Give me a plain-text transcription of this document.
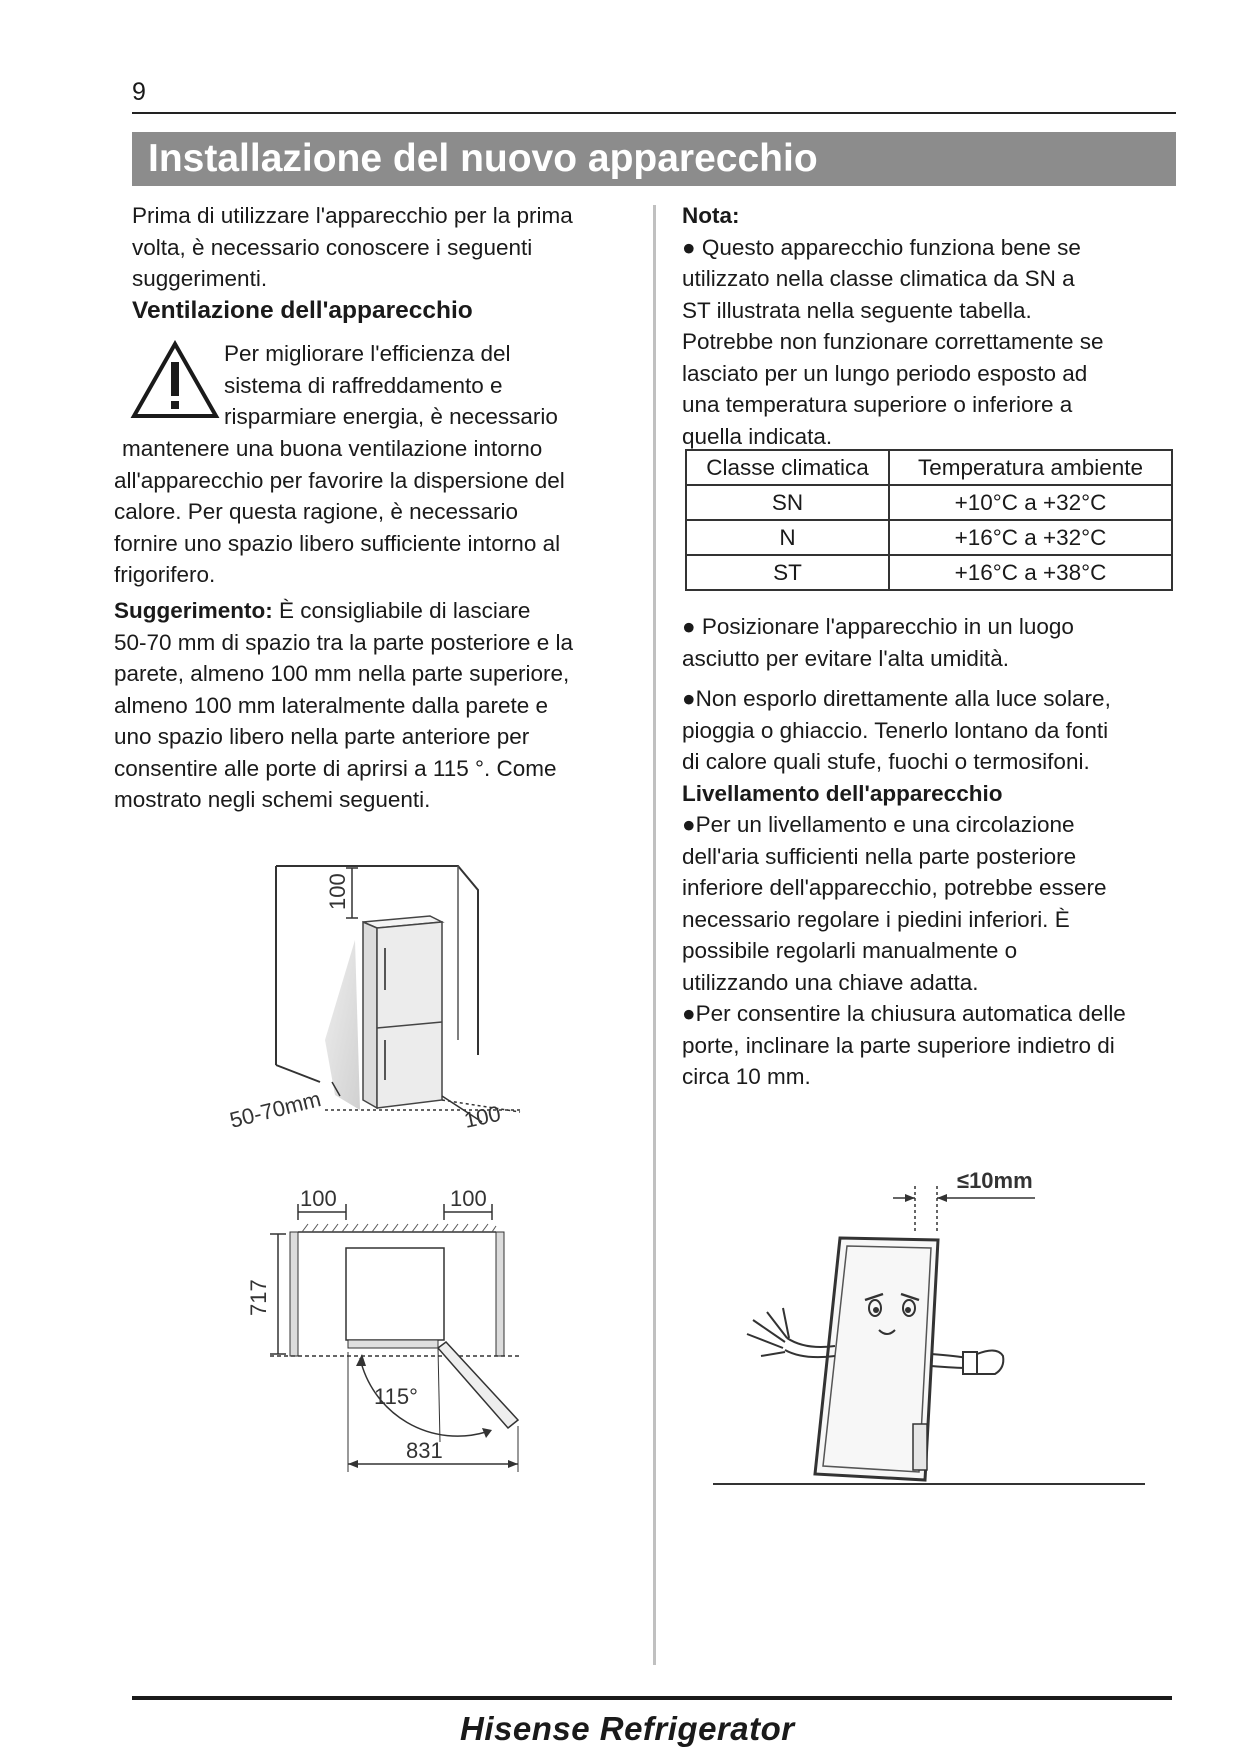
9
Installazione del nuovo apparecchio
Prima di utilizzare l'apparecchio per la prima
volta, è necessario conoscere i seguenti
suggerimenti.
Ventilazione dell'apparecchio
Per migliorare l'efficienza del
sistema di raffreddamento e
risparmiare energia, è necessario
mantenere una buona ventilazione intorno
all'apparecchio per favorire la dispersione del
calore. Per questa ragione, è necessario
fornire uno spazio libero sufficiente intorno al
frigorifero.
Suggerimento: È consigliabile di lasciare
50-70 mm di spazio tra la parte posteriore e la
parete, almeno 100 mm nella parte superiore,
almeno 100 mm lateralmente dalla parete e
uno spazio libero nella parte anteriore per
consentire alle porte di aprirsi a 115 °. Come
mostrato negli schemi seguenti.
100
50-70mm	100
100	100
115°
717
831
Nota:
● Questo apparecchio funziona bene se
utilizzato nella classe climatica da SN a
ST illustrata nella seguente tabella.
Potrebbe non funzionare correttamente se
lasciato per un lungo periodo esposto ad
una temperatura superiore o inferiore a
quella indicata.
Classe climatica	Temperatura ambiente
SN	+10°C a +32°C
N	+16°C a +32°C
ST	+16°C a +38°C
● Posizionare l'apparecchio in un luogo
asciutto per evitare l'alta umidità.
●Non esporlo direttamente alla luce solare,
pioggia o ghiaccio. Tenerlo lontano da fonti
di calore quali stufe, fuochi o termosifoni.
Livellamento dell'apparecchio
●Per un livellamento e una circolazione
dell'aria sufficienti nella parte posteriore
inferiore dell'apparecchio, potrebbe essere
necessario regolare i piedini inferiori. È
possibile regolarli manualmente o
utilizzando una chiave adatta.
●Per consentire la chiusura automatica delle
porte, inclinare la parte superiore indietro di
circa 10 mm.
≤10mm
Hisense Refrigerator
